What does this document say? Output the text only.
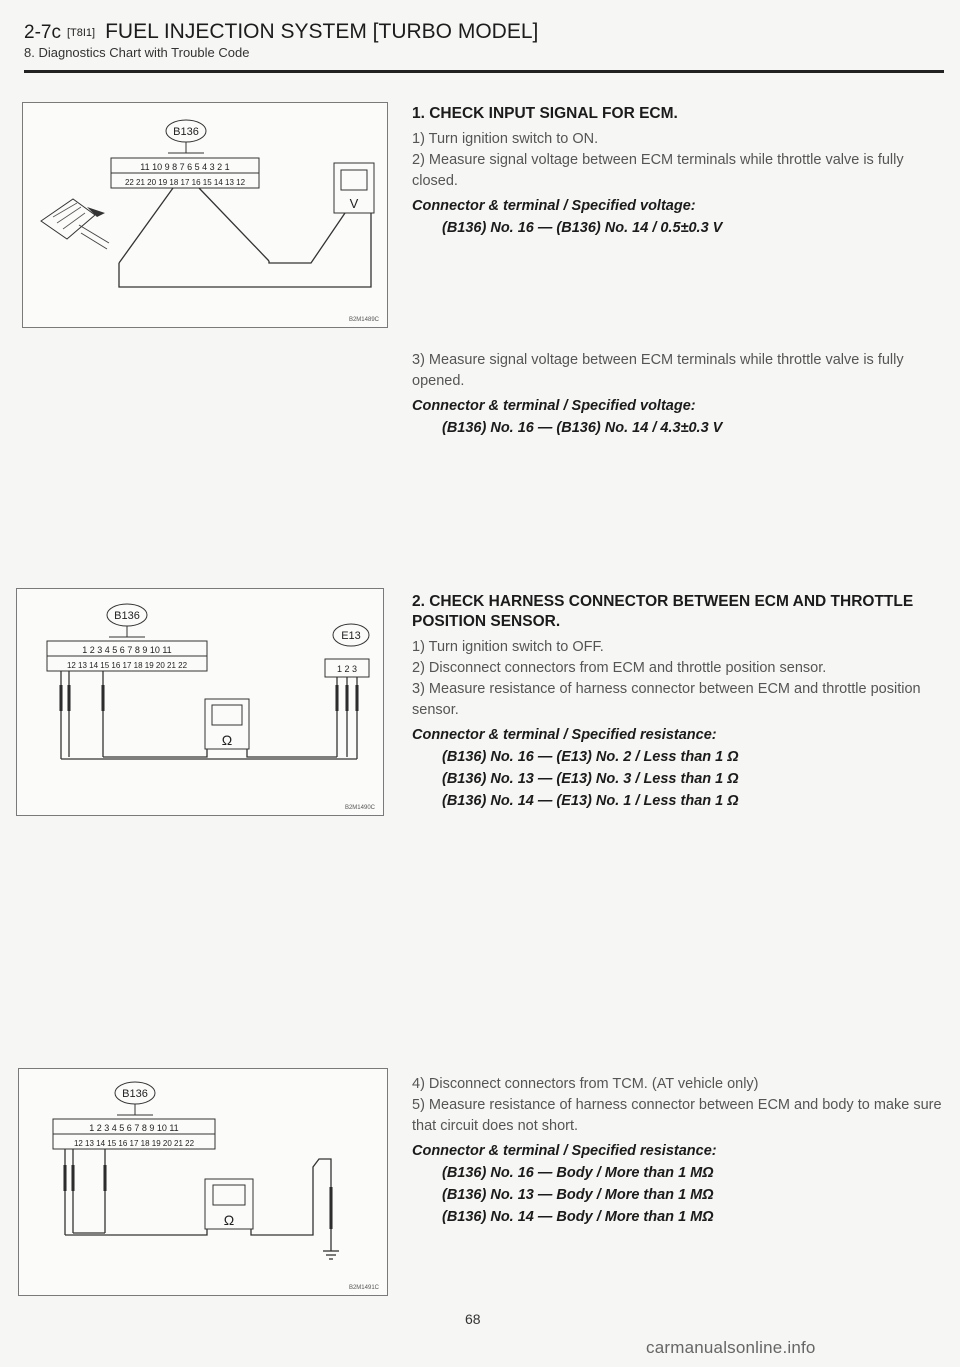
2-7c [T8I1] FUEL INJECTION SYSTEM [TURBO MODEL]
8. Diagnostics Chart with Trouble Code
B136
11 10 9 8 7 6 5 4 3 2 1
22 21 20 19 18 17 16 15 14 13 12
V
B2M1489C
B136
1 2 3 4 5 6 7 8 9 10 11
12 13 14 15 16 17 18 19 20 21 22
E13
1 2 3
Ω
B2M1490C
B136
1 2 3 4 5 6 7 8 9 10 11
12 13 14 15 16 17 18 19 20 21 22
Ω
B2M1491C
1. CHECK INPUT SIGNAL FOR ECM.
1) Turn ignition switch to ON.
2) Measure signal voltage between ECM terminals while throttle valve is fully closed.
Connector & terminal / Specified voltage:
(B136) No. 16 — (B136) No. 14 / 0.5±0.3 V
3) Measure signal voltage between ECM terminals while throttle valve is fully opened.
Connector & terminal / Specified voltage:
(B136) No. 16 — (B136) No. 14 / 4.3±0.3 V
2. CHECK HARNESS CONNECTOR BETWEEN ECM AND THROTTLE POSITION SENSOR.
1) Turn ignition switch to OFF.
2) Disconnect connectors from ECM and throttle position sensor.
3) Measure resistance of harness connector between ECM and throttle position sensor.
Connector & terminal / Specified resistance:
(B136) No. 16 — (E13) No. 2 / Less than 1 Ω
(B136) No. 13 — (E13) No. 3 / Less than 1 Ω
(B136) No. 14 — (E13) No. 1 / Less than 1 Ω
4) Disconnect connectors from TCM. (AT vehicle only)
5) Measure resistance of harness connector between ECM and body to make sure that circuit does not short.
Connector & terminal / Specified resistance:
(B136) No. 16 — Body / More than 1 MΩ
(B136) No. 13 — Body / More than 1 MΩ
(B136) No. 14 — Body / More than 1 MΩ
68
carmanualsonline.info
